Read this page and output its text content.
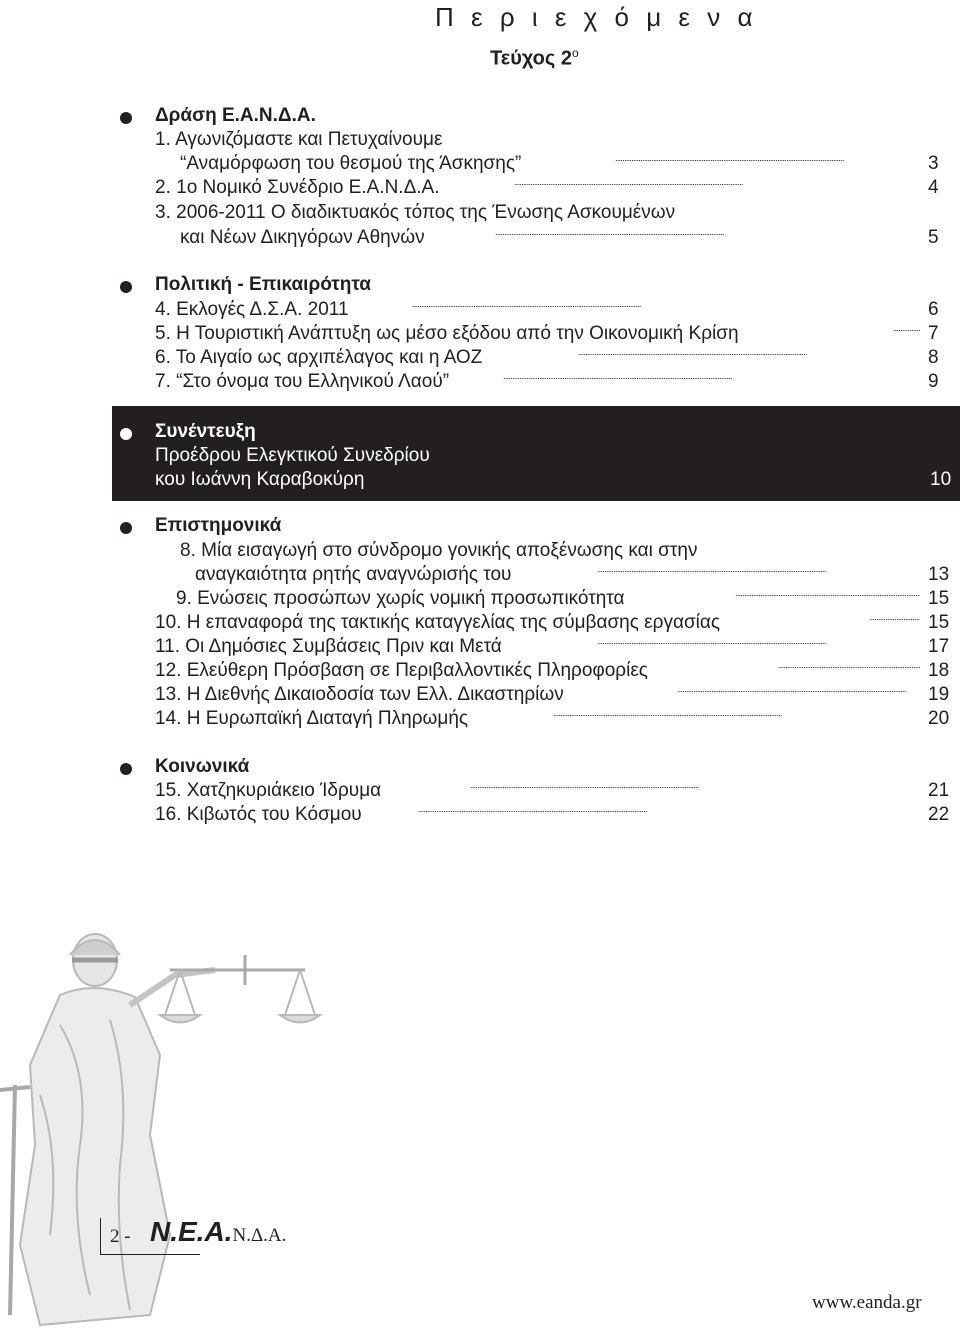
Π ε ρ ι ε χ ό μ ε ν α
Τεύχος $2^o$
Δράση Ε.Α.Ν.Δ.Α.
1. Αγωνιζόμαστε και Πετυχαίνουμε
“Αναμόρφωση του θεσμού της Άσκησης” . . .	3
2. 1ο Νομικό Συνέδριο Ε.Α.Ν.Δ.Α. . . .	4
3. 2006-2011 Ο διαδικτυακός τόπος της Ένωσης Ασκουμένων
και Νέων Δικηγόρων Αθηνών . . .	5
Πολιτική - Επικαιρότητα
4. Εκλογές Δ.Σ.Α. 2011 . . .	6
5. Η Τουριστική Ανάπτυξη ως μέσο εξόδου από την Οικονομική Κρίση . . .	7
6. Το Αιγαίο ως αρχιπέλαγος και η ΑΟΖ . . .	8
7. “Στο όνομα του Ελληνικού Λαού” . . .	9
Συνέντευξη
Προέδρου Ελεγκτικού Συνεδρίου
κου Ιωάννη Καραβοκύρη . . .	10
Επιστημονικά
8. Μία εισαγωγή στο σύνδρομο γονικής αποξένωσης και στην
αναγκαιότητα ρητής αναγνώρισής του . . .	13
9. Ενώσεις προσώπων χωρίς νομική προσωπικότητα . . .	15
10. Η επαναφορά της τακτικής καταγγελίας της σύμβασης εργασίας . . .	15
11. Οι Δημόσιες Συμβάσεις Πριν και Μετά . . .	17
12. Ελεύθερη Πρόσβαση σε Περιβαλλοντικές Πληροφορίες . . .	18
13. Η Διεθνής Δικαιοδοσία των Ελλ. Δικαστηρίων . . .	19
14. Η Ευρωπαϊκή Διαταγή Πληρωμής . . .	20
Κοινωνικά
15. Χατζηκυριάκειο Ίδρυμα . . .	21
16. Κιβωτός του Κόσμου . . .	22
2 - N.E.A.Ν.Δ.Α.
www.eanda.gr
